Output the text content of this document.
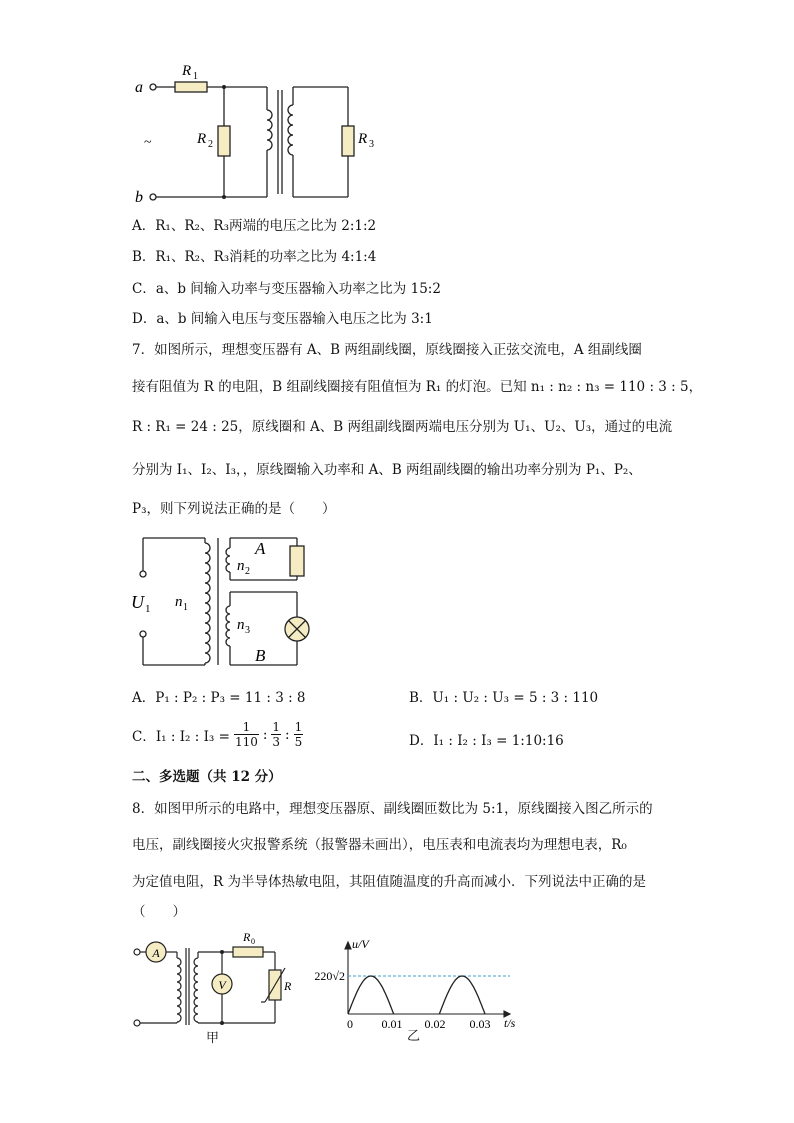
a
b
~
R 1
R 2	R 3
A．R₁、R₂、R₃两端的电压之比为 2:1:2
B．R₁、R₂、R₃消耗的功率之比为 4:1:4
C．a、b 间输入功率与变压器输入功率之比为 15:2
D．a、b 间输入电压与变压器输入电压之比为 3:1
7．如图所示，理想变压器有 A、B 两组副线圈，原线圈接入正弦交流电，A 组副线圈
接有阻值为 R 的电阻，B 组副线圈接有阻值恒为 R₁ 的灯泡。已知 n₁ : n₂ : n₃ = 110 : 3 : 5，
R : R₁ = 24 : 25，原线圈和 A、B 两组副线圈两端电压分别为 U₁、U₂、U₃，通过的电流
分别为 I₁、I₂、I₃，，原线圈输入功率和 A、B 两组副线圈的输出功率分别为 P₁、P₂、
P₃，则下列说法正确的是（　　）
A
B
n 2
n 3
n 1
U 1
A．P₁ : P₂ : P₃ = 11 : 3 : 8	B．U₁ : U₂ : U₃ = 5 : 3 : 110
C．I₁ : I₂ : $I_3 = \frac{1}{110}$ : $\frac{1}{3}$ : $\frac{1}{5}$	D．I₁ : I₂ : I₃ = 1:10:16
二、多选题（共 12 分）
8．如图甲所示的电路中，理想变压器原、副线圈匝数比为 5:1，原线圈接入图乙所示的
电压，副线圈接火灾报警系统（报警器未画出），电压表和电流表均为理想电表，R₀
为定值电阻，R 为半导体热敏电阻，其阻值随温度的升高而减小．下列说法中正确的是
（　　）
A
V
R 0
R
甲
220√2
u/V
t/s
0 0.01 0.02 0.03
乙
